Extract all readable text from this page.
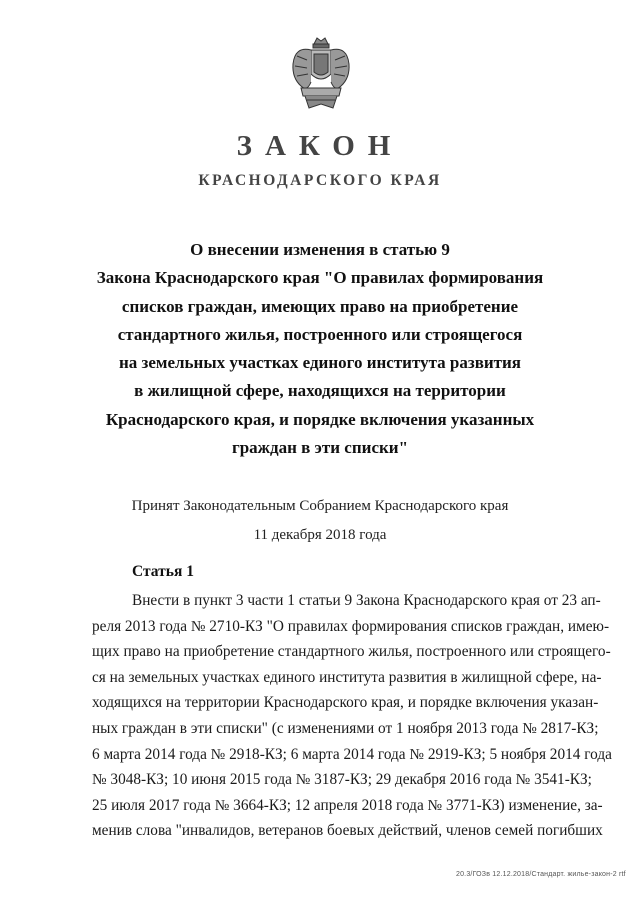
ЗАКОН
КРАСНОДАРСКОГО КРАЯ
О внесении изменения в статью 9
Закона Краснодарского края "О правилах формирования
списков граждан, имеющих право на приобретение
стандартного жилья, построенного или строящегося
на земельных участках единого института развития
в жилищной сфере, находящихся на территории
Краснодарского края, и порядке включения указанных
граждан в эти списки"
Принят Законодательным Собранием Краснодарского края
11 декабря 2018 года
Статья 1
Внести в пункт 3 части 1 статьи 9 Закона Краснодарского края от 23 ап-
реля 2013 года № 2710-КЗ "О правилах формирования списков граждан, имею-
щих право на приобретение стандартного жилья, построенного или строящего-
ся на земельных участках единого института развития в жилищной сфере, на-
ходящихся на территории Краснодарского края, и порядке включения указан-
ных граждан в эти списки" (с изменениями от 1 ноября 2013 года № 2817-КЗ;
6 марта 2014 года № 2918-КЗ; 6 марта 2014 года № 2919-КЗ; 5 ноября 2014 года
№ 3048-КЗ; 10 июня 2015 года № 3187-КЗ; 29 декабря 2016 года № 3541-КЗ;
25 июля 2017 года № 3664-КЗ; 12 апреля 2018 года № 3771-КЗ) изменение, за-
менив слова "инвалидов, ветеранов боевых действий, членов семей погибших
20.3/ГОЗв 12.12.2018/Стандарт. жилье-закон-2 rtf
